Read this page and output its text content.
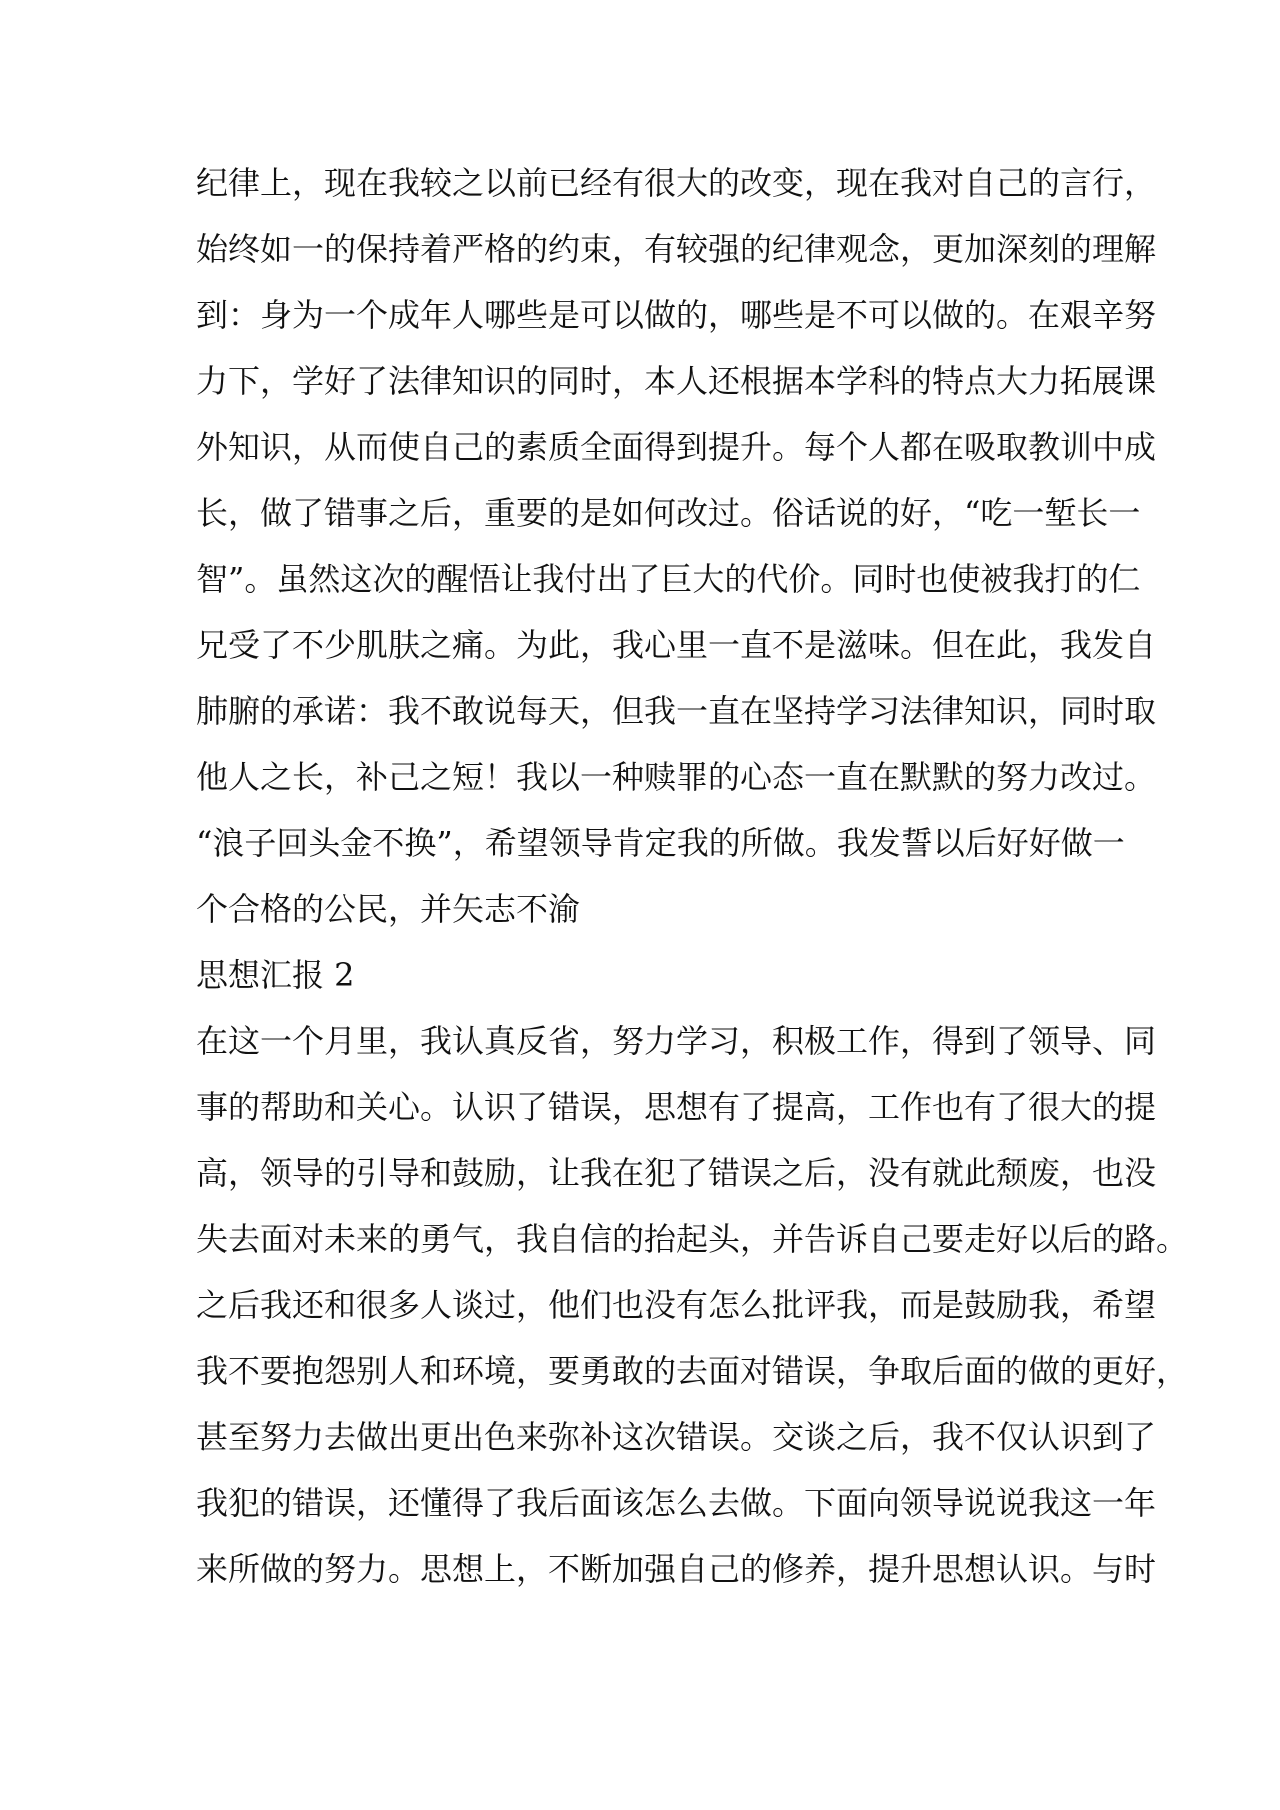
纪律上，现在我较之以前已经有很大的改变，现在我对自己的言行，
始终如一的保持着严格的约束，有较强的纪律观念，更加深刻的理解
到：身为一个成年人哪些是可以做的，哪些是不可以做的。在艰辛努
力下，学好了法律知识的同时，本人还根据本学科的特点大力拓展课
外知识，从而使自己的素质全面得到提升。每个人都在吸取教训中成
长，做了错事之后，重要的是如何改过。俗话说的好，“吃一堑长一
智”。虽然这次的醒悟让我付出了巨大的代价。同时也使被我打的仁
兄受了不少肌肤之痛。为此，我心里一直不是滋味。但在此，我发自
肺腑的承诺：我不敢说每天，但我一直在坚持学习法律知识，同时取
他人之长，补己之短！我以一种赎罪的心态一直在默默的努力改过。
“浪子回头金不换”，希望领导肯定我的所做。我发誓以后好好做一
个合格的公民，并矢志不渝
思想汇报 2
在这一个月里，我认真反省，努力学习，积极工作，得到了领导、同
事的帮助和关心。认识了错误，思想有了提高，工作也有了很大的提
高，领导的引导和鼓励，让我在犯了错误之后，没有就此颓废，也没
失去面对未来的勇气，我自信的抬起头，并告诉自己要走好以后的路。
之后我还和很多人谈过，他们也没有怎么批评我，而是鼓励我，希望
我不要抱怨别人和环境，要勇敢的去面对错误，争取后面的做的更好，
甚至努力去做出更出色来弥补这次错误。交谈之后，我不仅认识到了
我犯的错误，还懂得了我后面该怎么去做。下面向领导说说我这一年
来所做的努力。思想上，不断加强自己的修养，提升思想认识。与时
